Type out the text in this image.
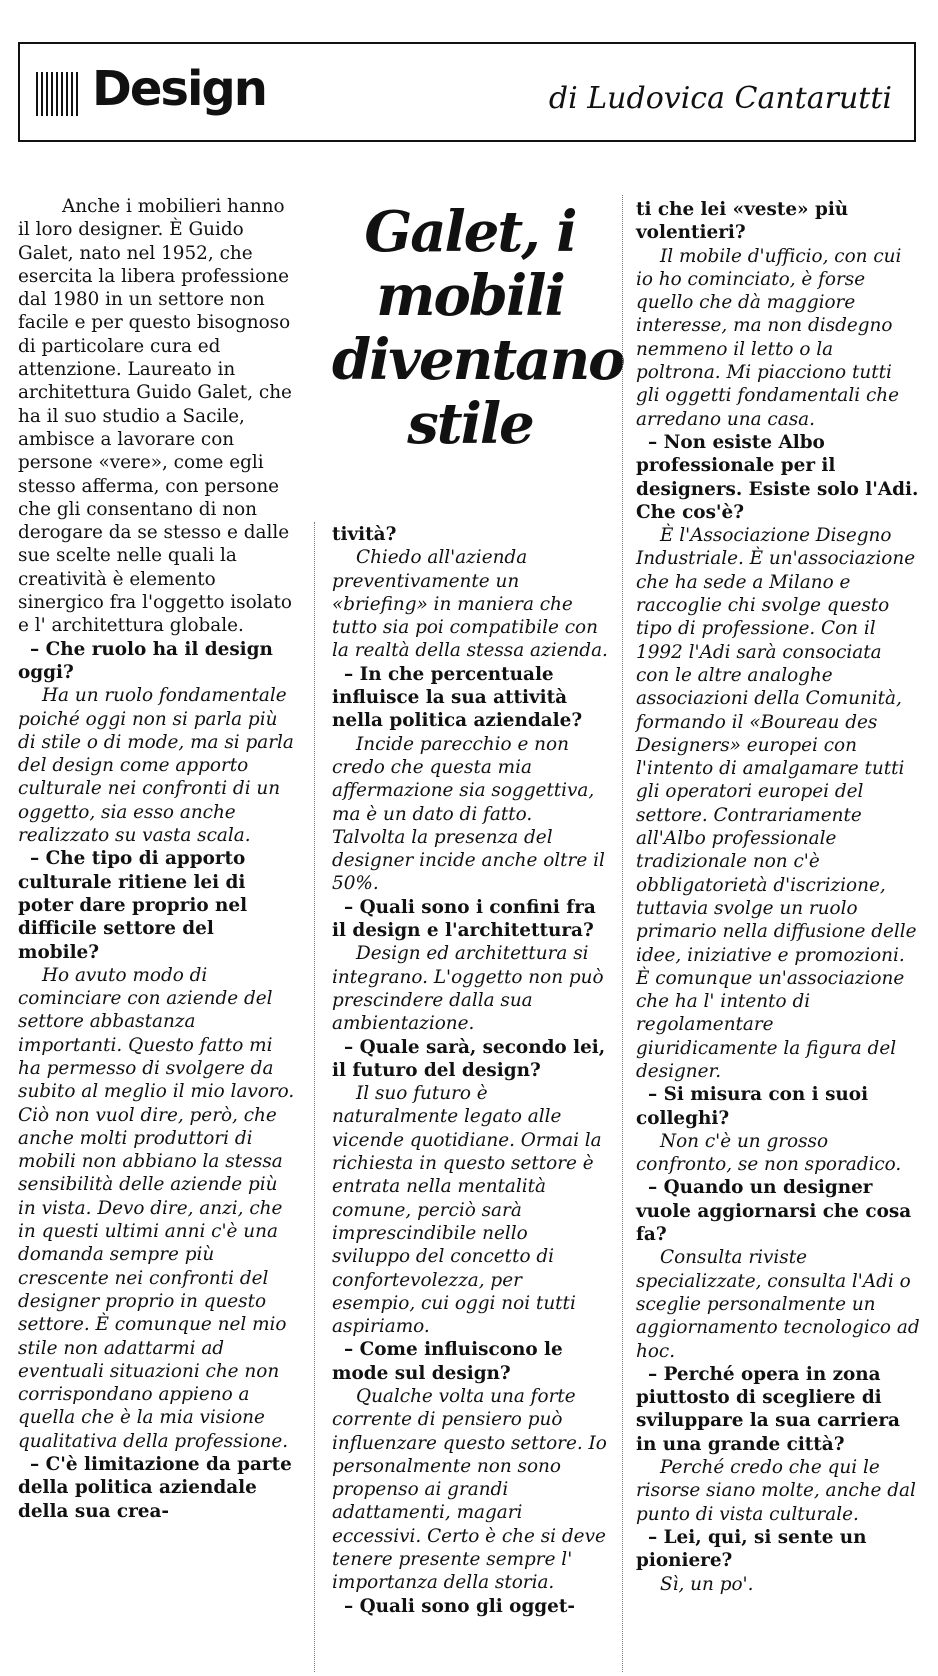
Design	di Ludovica Cantarutti
Galet, i mobili diventano stile

Anche i mobilieri hanno il loro designer. È Guido Galet, nato nel 1952, che esercita la libera professione dal 1980 in un settore non facile e per questo bisognoso di particolare cura ed attenzione. Laureato in architettura Guido Galet, che ha il suo studio a Sacile, ambisce a lavorare con persone «vere», come egli stesso afferma, con persone che gli consentano di non derogare da se stesso e dalle sue scelte nelle quali la creatività è elemento sinergico fra l'oggetto isolato e l' architettura globale.

– Che ruolo ha il design oggi?

Ha un ruolo fondamentale poiché oggi non si parla più di stile o di mode, ma si parla del design come apporto culturale nei confronti di un oggetto, sia esso anche realizzato su vasta scala.

– Che tipo di apporto culturale ritiene lei di poter dare proprio nel difficile settore del mobile?

Ho avuto modo di cominciare con aziende del settore abbastanza importanti. Questo fatto mi ha permesso di svolgere da subito al meglio il mio lavoro. Ciò non vuol dire, però, che anche molti produttori di mobili non abbiano la stessa sensibilità delle aziende più in vista. Devo dire, anzi, che in questi ultimi anni c'è una domanda sempre più crescente nei confronti del designer proprio in questo settore. È comunque nel mio stile non adattarmi ad eventuali situazioni che non corrispondano appieno a quella che è la mia visione qualitativa della professione.

– C'è limitazione da parte della politica aziendale della sua crea-

tività?

Chiedo all'azienda preventivamente un «briefing» in maniera che tutto sia poi compatibile con la realtà della stessa azienda.

– In che percentuale influisce la sua attività nella politica aziendale?

Incide parecchio e non credo che questa mia affermazione sia soggettiva, ma è un dato di fatto. Talvolta la presenza del designer incide anche oltre il 50%.

– Quali sono i confini fra il design e l'architettura?

Design ed architettura si integrano. L'oggetto non può prescindere dalla sua ambientazione.

– Quale sarà, secondo lei, il futuro del design?

Il suo futuro è naturalmente legato alle vicende quotidiane. Ormai la richiesta in questo settore è entrata nella mentalità comune, perciò sarà imprescindibile nello sviluppo del concetto di confortevolezza, per esempio, cui oggi noi tutti aspiriamo.

– Come influiscono le mode sul design?

Qualche volta una forte corrente di pensiero può influenzare questo settore. Io personalmente non sono propenso ai grandi adattamenti, magari eccessivi. Certo è che si deve tenere presente sempre l' importanza della storia.

– Quali sono gli ogget-

ti che lei «veste» più volentieri?

Il mobile d'ufficio, con cui io ho cominciato, è forse quello che dà maggiore interesse, ma non disdegno nemmeno il letto o la poltrona. Mi piacciono tutti gli oggetti fondamentali che arredano una casa.

– Non esiste Albo professionale per il designers. Esiste solo l'Adi. Che cos'è?

È l'Associazione Disegno Industriale. È un'associazione che ha sede a Milano e raccoglie chi svolge questo tipo di professione. Con il 1992 l'Adi sarà consociata con le altre analoghe associazioni della Comunità, formando il «Boureau des Designers» europei con l'intento di amalgamare tutti gli operatori europei del settore. Contrariamente all'Albo professionale tradizionale non c'è obbligatorietà d'iscrizione, tuttavia svolge un ruolo primario nella diffusione delle idee, iniziative e promozioni. È comunque un'associazione che ha l' intento di regolamentare giuridicamente la figura del designer.

– Si misura con i suoi colleghi?

Non c'è un grosso confronto, se non sporadico.

– Quando un designer vuole aggiornarsi che cosa fa?

Consulta riviste specializzate, consulta l'Adi o sceglie personalmente un aggiornamento tecnologico ad hoc.

– Perché opera in zona piuttosto di scegliere di sviluppare la sua carriera in una grande città?

Perché credo che qui le risorse siano molte, anche dal punto di vista culturale.

– Lei, qui, si sente un pioniere?

Sì, un po'.
